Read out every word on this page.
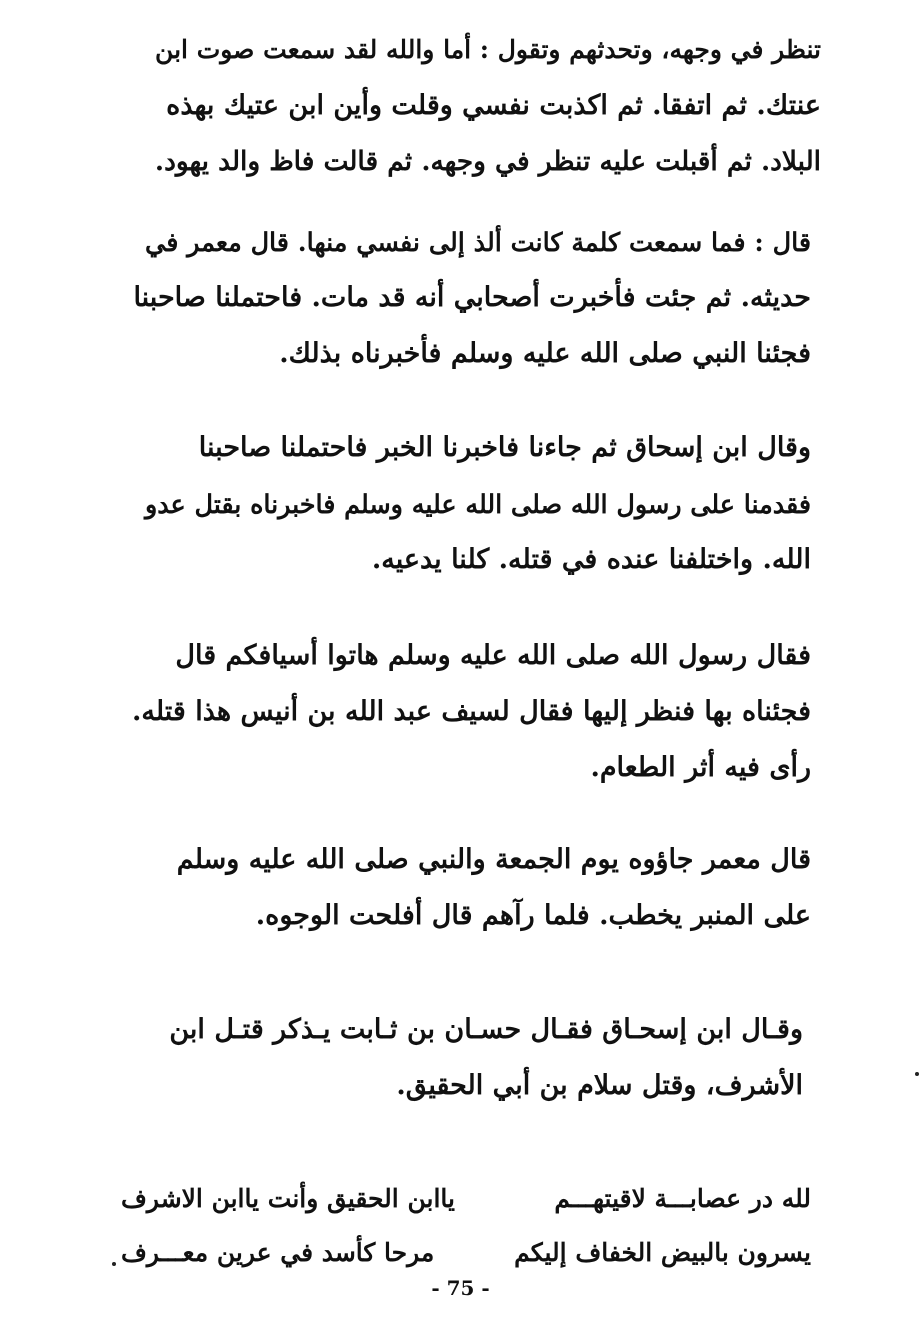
تنظر في وجهه، وتحدثهم وتقول : أما والله لقد سمعت صوت ابن
عنتك. ثم اتفقا. ثم اكذبت نفسي وقلت وأين ابن عتيك بهذه
البلاد. ثم أقبلت عليه تنظر في وجهه. ثم قالت فاظ والد يهود.
قال : فما سمعت كلمة كانت ألذ إلى نفسي منها. قال معمر في
حديثه. ثم جئت فأخبرت أصحابي أنه قد مات. فاحتملنا صاحبنا
فجئنا النبي صلى الله عليه وسلم فأخبرناه بذلك.
وقال ابن إسحاق ثم جاءنا فاخبرنا الخبر فاحتملنا صاحبنا
فقدمنا على رسول الله صلى الله عليه وسلم فاخبرناه بقتل عدو
الله. واختلفنا عنده في قتله. كلنا يدعيه.
فقال رسول الله صلى الله عليه وسلم هاتوا أسيافكم قال
فجئناه بها فنظر إليها فقال لسيف عبد الله بن أنيس هذا قتله.
رأى فيه أثر الطعام.
قال معمر جاؤوه يوم الجمعة والنبي صلى الله عليه وسلم
على المنبر يخطب. فلما رآهم قال أفلحت الوجوه.
وقـال ابن إسحـاق فقـال حسـان بن ثـابت يـذكر قتـل ابن
الأشرف، وقتل سلام بن أبي الحقيق.
لله در عصابـــة لاقيتهـــم
ياابن الحقيق وأنت ياابن الاشرف
يسرون بالبيض الخفاف إليكم
مرحا كأسد في عرين معـــرف
- 75 -
